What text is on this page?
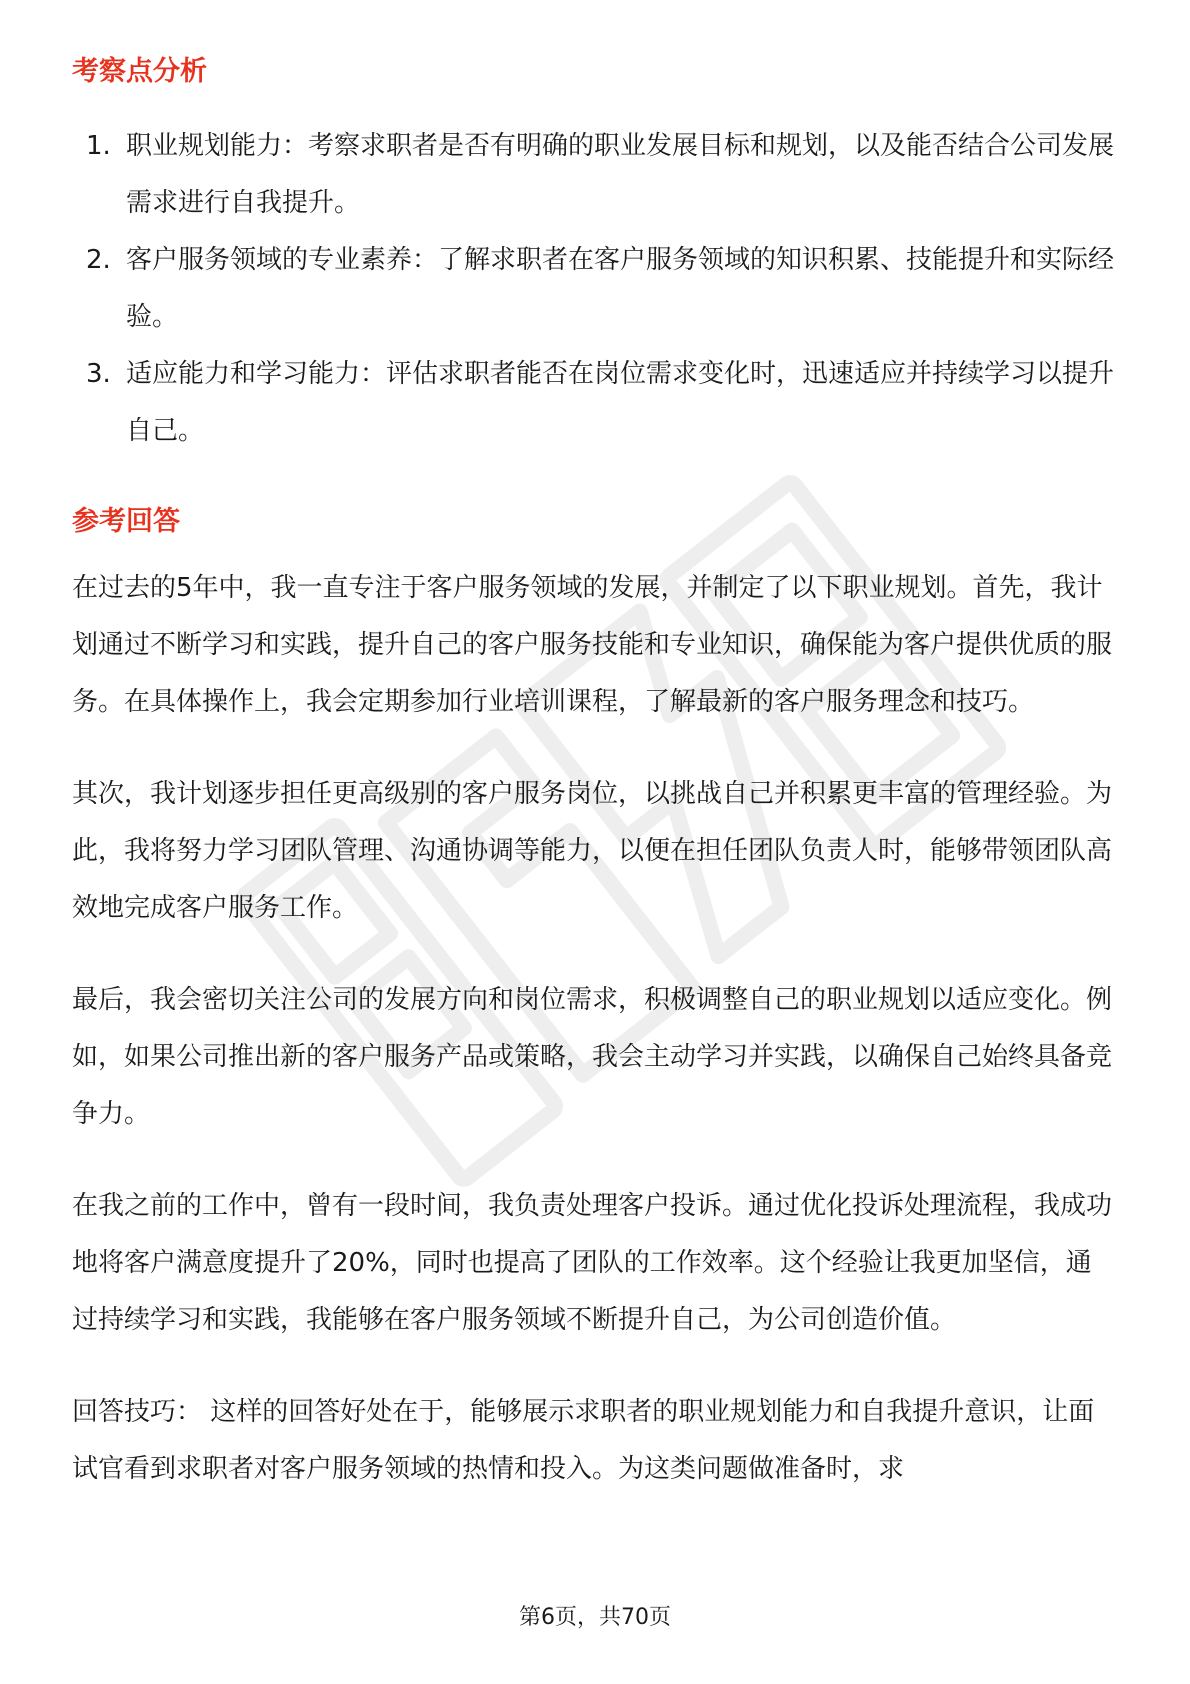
考察点分析
1. 职业规划能力：考察求职者是否有明确的职业发展目标和规划，以及能否结合公司发展需求进行自我提升。
2. 客户服务领域的专业素养：了解求职者在客户服务领域的知识积累、技能提升和实际经验。
3. 适应能力和学习能力：评估求职者能否在岗位需求变化时，迅速适应并持续学习以提升自己。
参考回答

在过去的5年中，我一直专注于客户服务领域的发展，并制定了以下职业规划。首先，我计划通过不断学习和实践，提升自己的客户服务技能和专业知识，确保能为客户提供优质的服务。在具体操作上，我会定期参加行业培训课程，了解最新的客户服务理念和技巧。

其次，我计划逐步担任更高级别的客户服务岗位，以挑战自己并积累更丰富的管理经验。为此，我将努力学习团队管理、沟通协调等能力，以便在担任团队负责人时，能够带领团队高效地完成客户服务工作。

最后，我会密切关注公司的发展方向和岗位需求，积极调整自己的职业规划以适应变化。例如，如果公司推出新的客户服务产品或策略，我会主动学习并实践，以确保自己始终具备竞争力。

在我之前的工作中，曾有一段时间，我负责处理客户投诉。通过优化投诉处理流程，我成功地将客户满意度提升了20%，同时也提高了团队的工作效率。这个经验让我更加坚信，通过持续学习和实践，我能够在客户服务领域不断提升自己，为公司创造价值。

回答技巧： 这样的回答好处在于，能够展示求职者的职业规划能力和自我提升意识，让面试官看到求职者对客户服务领域的热情和投入。为这类问题做准备时，求

第6页，共70页
